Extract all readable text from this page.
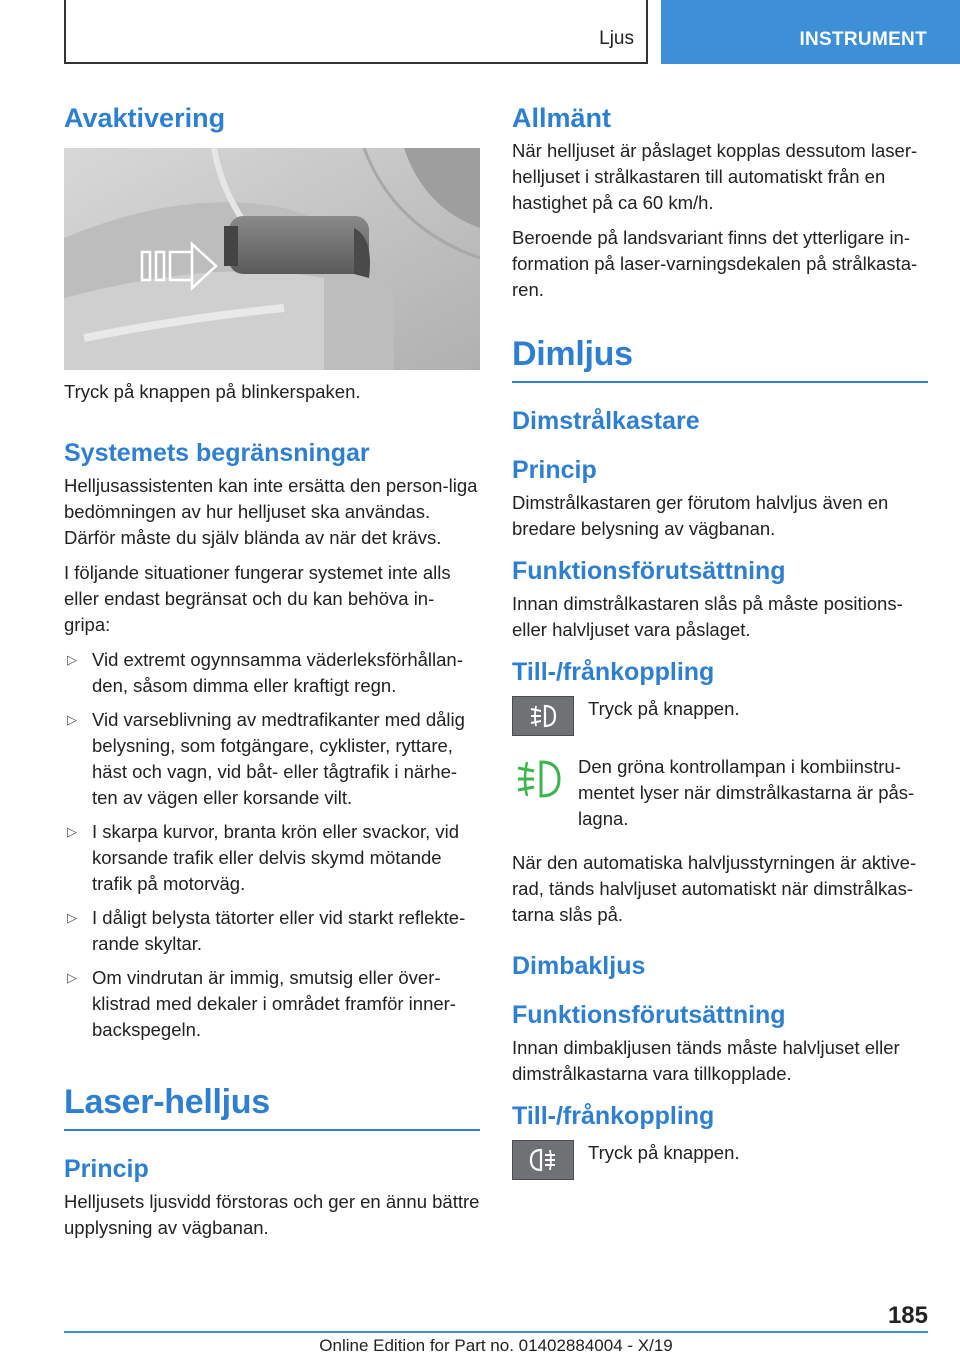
Ljus	INSTRUMENT
Avaktivering

Tryck på knappen på blinkerspaken.

Systemets begränsningar

Helljusassistenten kan inte ersätta den person-liga bedömningen av hur helljuset ska användas. Därför måste du själv blända av när det krävs.

I följande situationer fungerar systemet inte alls eller endast begränsat och du kan behöva in-gripa:

▷ Vid extremt ogynnsamma väderleksförhållan-den, såsom dimma eller kraftigt regn.
▷ Vid varseblivning av medtrafikanter med dålig belysning, som fotgängare, cyklister, ryttare, häst och vagn, vid båt- eller tågtrafik i närhe-ten av vägen eller korsande vilt.
▷ I skarpa kurvor, branta krön eller svackor, vid korsande trafik eller delvis skymd mötande trafik på motorväg.
▷ I dåligt belysta tätorter eller vid starkt reflekte-rande skyltar.
▷ Om vindrutan är immig, smutsig eller över-klistrad med dekaler i området framför inner-backspegeln.
Laser-helljus
Princip

Helljusets ljusvidd förstoras och ger en ännu bättre upplysning av vägbanan.

Allmänt

När helljuset är påslaget kopplas dessutom laser-helljuset i strålkastaren till automatiskt från en hastighet på ca 60 km/h.

Beroende på landsvariant finns det ytterligare in-formation på laser-varningsdekalen på strålkasta-ren.

Dimljus
Dimstrålkastare
Princip

Dimstrålkastaren ger förutom halvljus även en bredare belysning av vägbanan.

Funktionsförutsättning

Innan dimstrålkastaren slås på måste positions-eller halvljuset vara påslaget.

Till-/frånkoppling
Tryck på knappen.
Den gröna kontrollampan i kombiinstru-mentet lyser när dimstrålkastarna är pås-lagna.

När den automatiska halvljusstyrningen är aktive-rad, tänds halvljuset automatiskt när dimstrålkas-tarna slås på.

Dimbakljus
Funktionsförutsättning

Innan dimbakljusen tänds måste halvljuset eller dimstrålkastarna vara tillkopplade.

Till-/frånkoppling
Tryck på knappen.
185
Online Edition for Part no. 01402884004 - X/19
